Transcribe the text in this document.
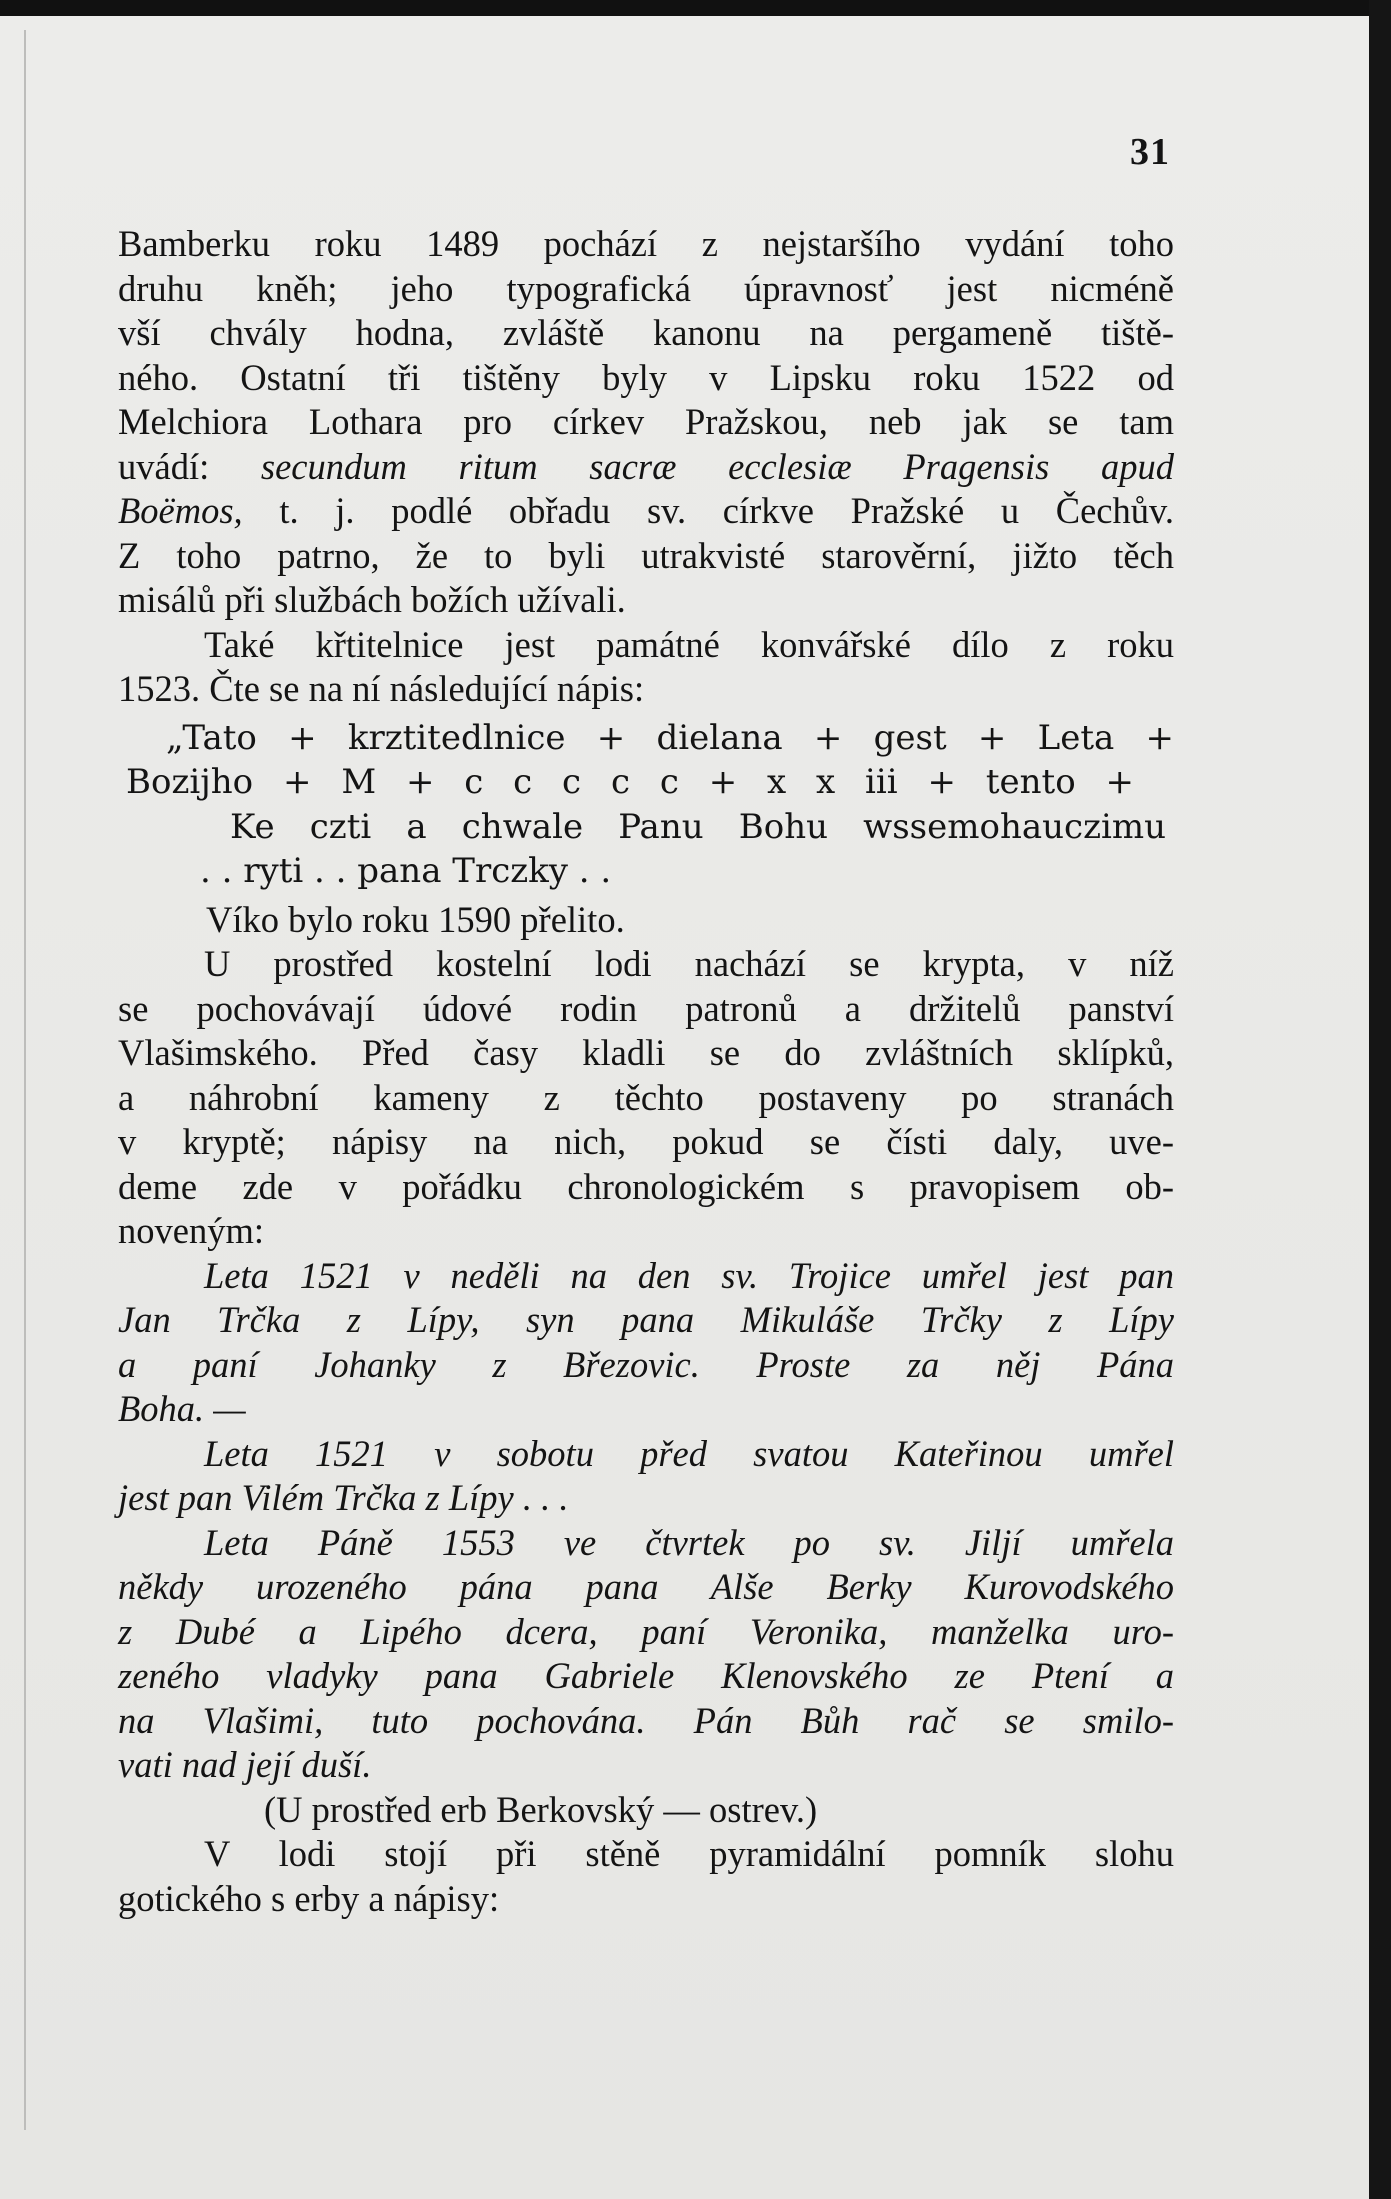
31
Bamberku roku 1489 pochází z nejstaršího vydání toho
druhu kněh; jeho typografická úpravnosť jest nicméně
vší chvály hodna, zvláště kanonu na pergameně tiště-
ného. Ostatní tři tištěny byly v Lipsku roku 1522 od
Melchiora Lothara pro církev Pražskou, neb jak se tam
uvádí: secundum ritum sacræ ecclesiæ Pragensis apud
Boëmos, t. j. podlé obřadu sv. církve Pražské u Čechův.
Z toho patrno, že to byli utrakvisté starověrní, jižto těch
misálů při službách božích užívali.
Také křtitelnice jest památné konvářské dílo z roku
1523. Čte se na ní následující nápis:
„Tato + krztitedlnice + dielana + gest + Leta +
Bozijho + M + c c c c c + x x iii + tento +
Ke czti a chwale Panu Bohu wssemohauczimu
. . ryti . . pana Trczky . .
Víko bylo roku 1590 přelito.
U prostřed kostelní lodi nachází se krypta, v níž
se pochovávají údové rodin patronů a držitelů panství
Vlašimského. Před časy kladli se do zvláštních sklípků,
a náhrobní kameny z těchto postaveny po stranách
v kryptě; nápisy na nich, pokud se čísti daly, uve-
deme zde v pořádku chronologickém s pravopisem ob-
noveným:
Leta 1521 v neděli na den sv. Trojice umřel jest pan
Jan Trčka z Lípy, syn pana Mikuláše Trčky z Lípy
a paní Johanky z Březovic. Proste za něj Pána
Boha. —
Leta 1521 v sobotu před svatou Kateřinou umřel
jest pan Vilém Trčka z Lípy . . .
Leta Páně 1553 ve čtvrtek po sv. Jiljí umřela
někdy urozeného pána pana Alše Berky Kurovodského
z Dubé a Lipého dcera, paní Veronika, manželka uro-
zeného vladyky pana Gabriele Klenovského ze Ptení a
na Vlašimi, tuto pochována. Pán Bůh rač se smilo-
vati nad její duší.
(U prostřed erb Berkovský — ostrev.)
V lodi stojí při stěně pyramidální pomník slohu
gotického s erby a nápisy:
